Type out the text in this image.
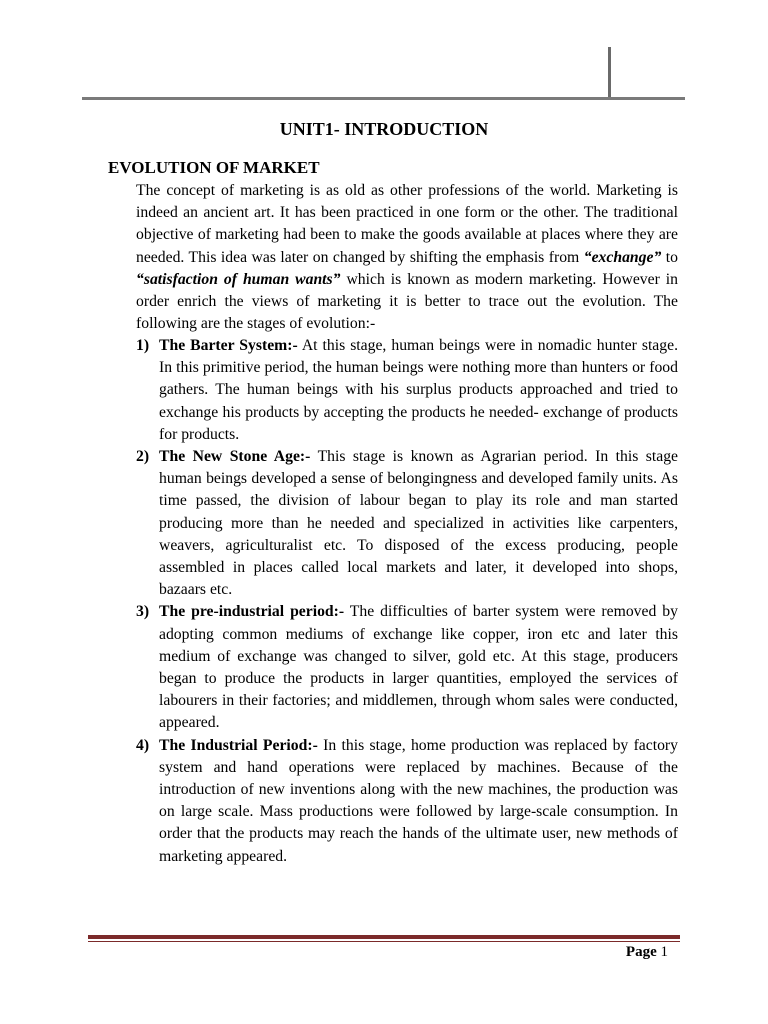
UNIT1- INTRODUCTION
EVOLUTION OF MARKET

The concept of marketing is as old as other professions of the world. Marketing is indeed an ancient art. It has been practiced in one form or the other. The traditional objective of marketing had been to make the goods available at places where they are needed. This idea was later on changed by shifting the emphasis from “exchange” to “satisfaction of human wants” which is known as modern marketing. However in order enrich the views of marketing it is better to trace out the evolution. The following are the stages of evolution:-

1) The Barter System:- At this stage, human beings were in nomadic hunter stage. In this primitive period, the human beings were nothing more than hunters or food gathers. The human beings with his surplus products approached and tried to exchange his products by accepting the products he needed- exchange of products for products.
2) The New Stone Age:- This stage is known as Agrarian period. In this stage human beings developed a sense of belongingness and developed family units. As time passed, the division of labour began to play its role and man started producing more than he needed and specialized in activities like carpenters, weavers, agriculturalist etc. To disposed of the excess producing, people assembled in places called local markets and later, it developed into shops, bazaars etc.
3) The pre-industrial period:- The difficulties of barter system were removed by adopting common mediums of exchange like copper, iron etc and later this medium of exchange was changed to silver, gold etc. At this stage, producers began to produce the products in larger quantities, employed the services of labourers in their factories; and middlemen, through whom sales were conducted, appeared.
4) The Industrial Period:- In this stage, home production was replaced by factory system and hand operations were replaced by machines. Because of the introduction of new inventions along with the new machines, the production was on large scale. Mass productions were followed by large-scale consumption. In order that the products may reach the hands of the ultimate user, new methods of marketing appeared.
Page 1
